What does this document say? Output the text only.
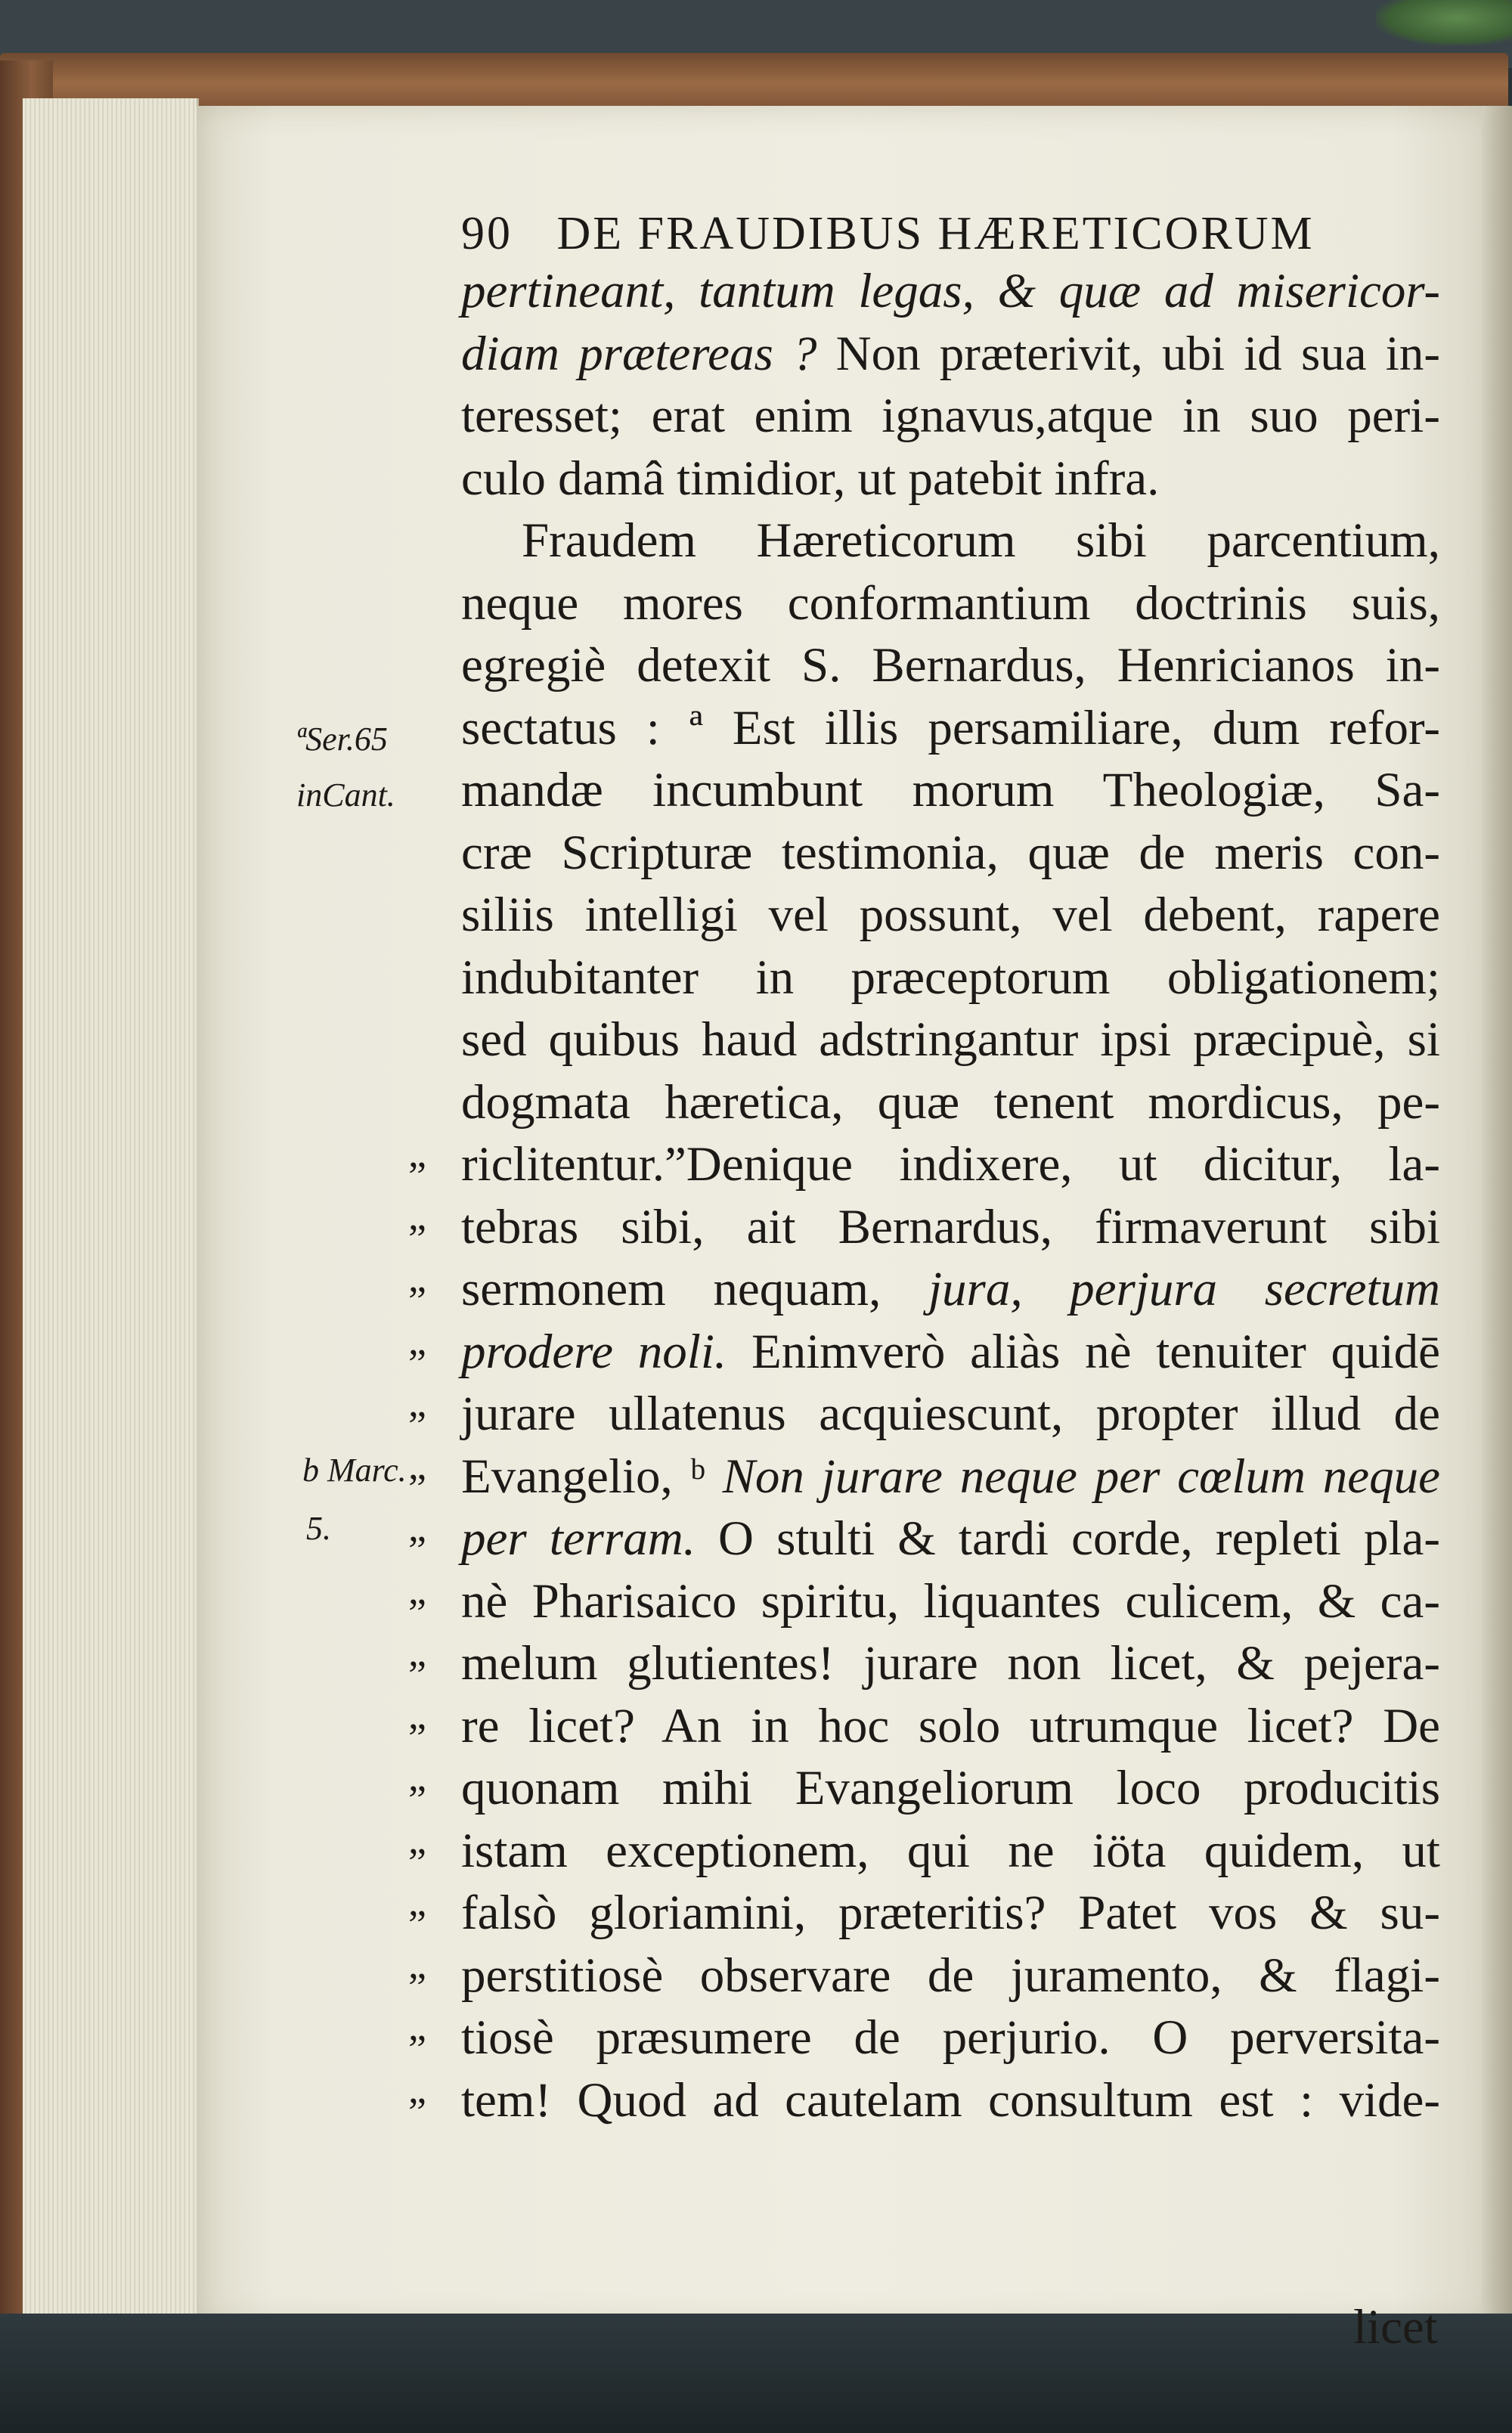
90 DE FRAUDIBUS HÆRETICORUM
pertineant, tantum legas, & quæ ad misericor-
diam prætereas ? Non præterivit, ubi id sua in-
teresset; erat enim ignavus,atque in suo peri-
culo damâ timidior, ut patebit infra.
Fraudem Hæreticorum sibi parcentium,
neque mores conformantium doctrinis suis,
egregiè detexit S. Bernardus, Henricianos in-
sectatus : ª Est illis persamiliare, dum refor-
mandæ incumbunt morum Theologiæ, Sa-
cræ Scripturæ testimonia, quæ de meris con-
siliis intelligi vel possunt, vel debent, rapere
indubitanter in præceptorum obligationem;
sed quibus haud adstringantur ipsi præcipuè, si
dogmata hæretica, quæ tenent mordicus, pe-
riclitentur.”Denique indixere, ut dicitur, la-
tebras sibi, ait Bernardus, firmaverunt sibi
sermonem nequam, jura, perjura secretum
prodere noli. Enimverò aliàs nè tenuiter quidē
jurare ullatenus acquiescunt, propter illud de
Evangelio, ᵇ Non jurare neque per cœlum neque
per terram. O stulti & tardi corde, repleti pla-
nè Pharisaico spiritu, liquantes culicem, & ca-
melum glutientes! jurare non licet, & pejera-
re licet? An in hoc solo utrumque licet? De
quonam mihi Evangeliorum loco producitis
istam exceptionem, qui ne iöta quidem, ut
falsò gloriamini, præteritis? Patet vos & su-
perstitiosè observare de juramento, & flagi-
tiosè præsumere de perjurio. O perversita-
tem! Quod ad cautelam consultum est : vide-
ªSer.65
inCant.
b Marc.
5.
„
„
„
„
„
„
„
„
„
„
„
„
„
„
„
„
licet
